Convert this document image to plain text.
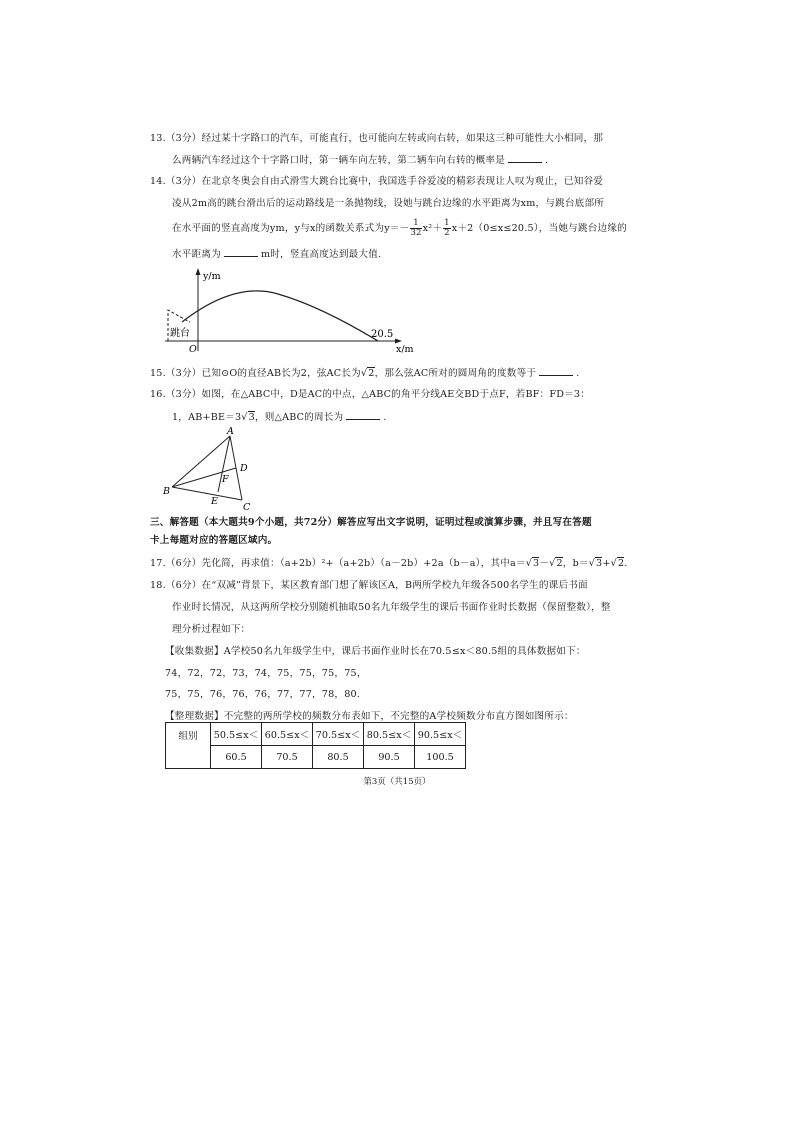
13.（3分）经过某十字路口的汽车，可能直行，也可能向左转或向右转，如果这三种可能性大小相同，那
么两辆汽车经过这个十字路口时，第一辆车向左转，第二辆车向右转的概率是	.
14.（3分）在北京冬奥会自由式滑雪大跳台比赛中，我国选手谷爱凌的精彩表现让人叹为观止，已知谷爱
凌从2m高的跳台滑出后的运动路线是一条抛物线，设她与跳台边缘的水平距离为xm，与跳台底部所
在水平面的竖直高度为ym，y与x的函数关系式为$y=- \frac{1}{32} x^2+ \frac{1}{2} x+2(0\le x\le 20.5)$，当她与跳台边缘的
水平距离为	m时，竖直高度达到最大值.
y/m
x/m
O
跳台	20.5
15.（3分）已知⊙O的直径AB长为2，弦AC长为√2，那么弦AC所对的圆周角的度数等于	.
16.（3分）如图，在△ABC中，D是AC的中点，△ABC的角平分线AE交BD于点F，若BF：FD＝3：
1，AB+BE＝3√3，则△ABC的周长为	.
A
B
C
D
E
F
三、解答题（本大题共9个小题，共72分）解答应写出文字说明，证明过程或演算步骤，并且写在答题
卡上每题对应的答题区域内。
17.（6分）先化简，再求值：（a+2b）²+（a+2b）（a－2b）+2a（b－a），其中a＝√3－√2，b＝√3+√2.
18.（6分）在“双减”背景下，某区教育部门想了解该区A，B两所学校九年级各500名学生的课后书面
作业时长情况，从这两所学校分别随机抽取50名九年级学生的课后书面作业时长数据（保留整数），整
理分析过程如下：
【收集数据】A学校50名九年级学生中，课后书面作业时长在70.5≤x＜80.5组的具体数据如下：
74，72，72，73，74，75，75，75，75，
75，75，76，76，76，77，77，78，80.
【整理数据】不完整的两所学校的频数分布表如下，不完整的A学校频数分布直方图如图所示：
组别	50.5≤x＜	60.5≤x＜	70.5≤x＜	80.5≤x＜	90.5≤x＜
	60.5	70.5	80.5	90.5	100.5
第3页（共15页）
